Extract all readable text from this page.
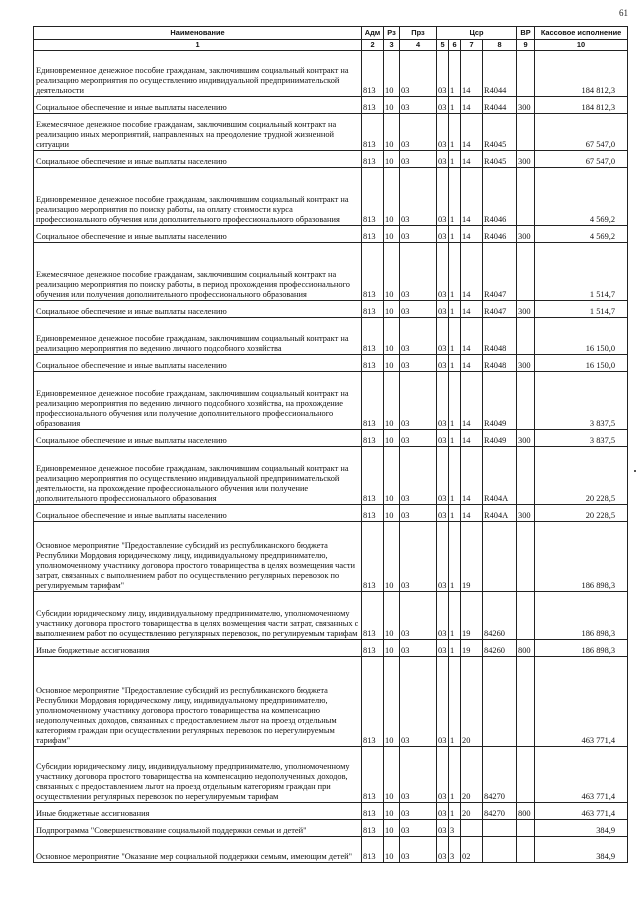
61
Наименование	Адм	Рз	Прз	Цср				ВР	Кассовое исполнение
1	2	3	4	5	6	7	8	9	10
Единовременное денежное пособие гражданам, заключившим социальный контракт на реализацию мероприятия по осуществлению индивидуальной предпринимательской деятельности	813	10	03	03	1	14	R4044		184 812,3
Социальное обеспечение и иные выплаты населению	813	10	03	03	1	14	R4044	300	184 812,3
Ежемесячное денежное пособие гражданам, заключившим социальный контракт на реализацию иных мероприятий, направленных на преодоление трудной жизненной ситуации	813	10	03	03	1	14	R4045		67 547,0
Социальное обеспечение и иные выплаты населению	813	10	03	03	1	14	R4045	300	67 547,0
Единовременное денежное пособие гражданам, заключившим социальный контракт на реализацию мероприятия по поиску работы, на оплату стоимости курса профессионального обучения или дополнительного профессионального образования	813	10	03	03	1	14	R4046		4 569,2
Социальное обеспечение и иные выплаты населению	813	10	03	03	1	14	R4046	300	4 569,2
Ежемесячное денежное пособие гражданам, заключившим социальный контракт на реализацию мероприятия по поиску работы, в период прохождения профессионального обучения или получения дополнительного профессионального образования	813	10	03	03	1	14	R4047		1 514,7
Социальное обеспечение и иные выплаты населению	813	10	03	03	1	14	R4047	300	1 514,7
Единовременное денежное пособие гражданам, заключившим социальный контракт на реализацию мероприятия по ведению личного подсобного хозяйства	813	10	03	03	1	14	R4048		16 150,0
Социальное обеспечение и иные выплаты населению	813	10	03	03	1	14	R4048	300	16 150,0
Единовременное денежное пособие гражданам, заключившим социальный контракт на реализацию мероприятия по ведению личного подсобного хозяйства, на прохождение профессионального обучения или получение дополнительного профессионального образования	813	10	03	03	1	14	R4049		3 837,5
Социальное обеспечение и иные выплаты населению	813	10	03	03	1	14	R4049	300	3 837,5
Единовременное денежное пособие гражданам, заключившим социальный контракт на реализацию мероприятия по осуществлению индивидуальной предпринимательской деятельности, на прохождение профессионального обучения или получение дополнительного профессионального образования	813	10	03	03	1	14	R404A		20 228,5
Социальное обеспечение и иные выплаты населению	813	10	03	03	1	14	R404A	300	20 228,5
Основное мероприятие "Предоставление субсидий из республиканского бюджета Республики Мордовия юридическому лицу, индивидуальному предпринимателю, уполномоченному участнику договора простого товарищества в целях возмещения части затрат, связанных с выполнением работ по осуществлению регулярных перевозок по регулируемым тарифам"	813	10	03	03	1	19			186 898,3
Субсидии юридическому лицу, индивидуальному предпринимателю, уполномоченному участнику договора простого товарищества в целях возмещения части затрат, связанных с выполнением работ по осуществлению регулярных перевозок, по регулируемым тарифам	813	10	03	03	1	19	84260		186 898,3
Иные бюджетные ассигнования	813	10	03	03	1	19	84260	800	186 898,3
Основное мероприятие "Предоставление субсидий из республиканского бюджета Республики Мордовия юридическому лицу, индивидуальному предпринимателю, уполномоченному участнику договора простого товарищества на компенсацию недополученных доходов, связанных с предоставлением льгот на проезд отдельным категориям граждан при осуществлении регулярных перевозок по нерегулируемым тарифам"	813	10	03	03	1	20			463 771,4
Субсидии юридическому лицу, индивидуальному предпринимателю, уполномоченному участнику договора простого товарищества на компенсацию недополученных доходов, связанных с предоставлением льгот на проезд отдельным категориям граждан при осуществлении регулярных перевозок по нерегулируемым тарифам	813	10	03	03	1	20	84270		463 771,4
Иные бюджетные ассигнования	813	10	03	03	1	20	84270	800	463 771,4
Подпрограмма "Совершенствование социальной поддержки семьи и детей"	813	10	03	03	3				384,9
Основное мероприятие "Оказание мер социальной поддержки семьям, имеющим детей"	813	10	03	03	3	02			384,9
